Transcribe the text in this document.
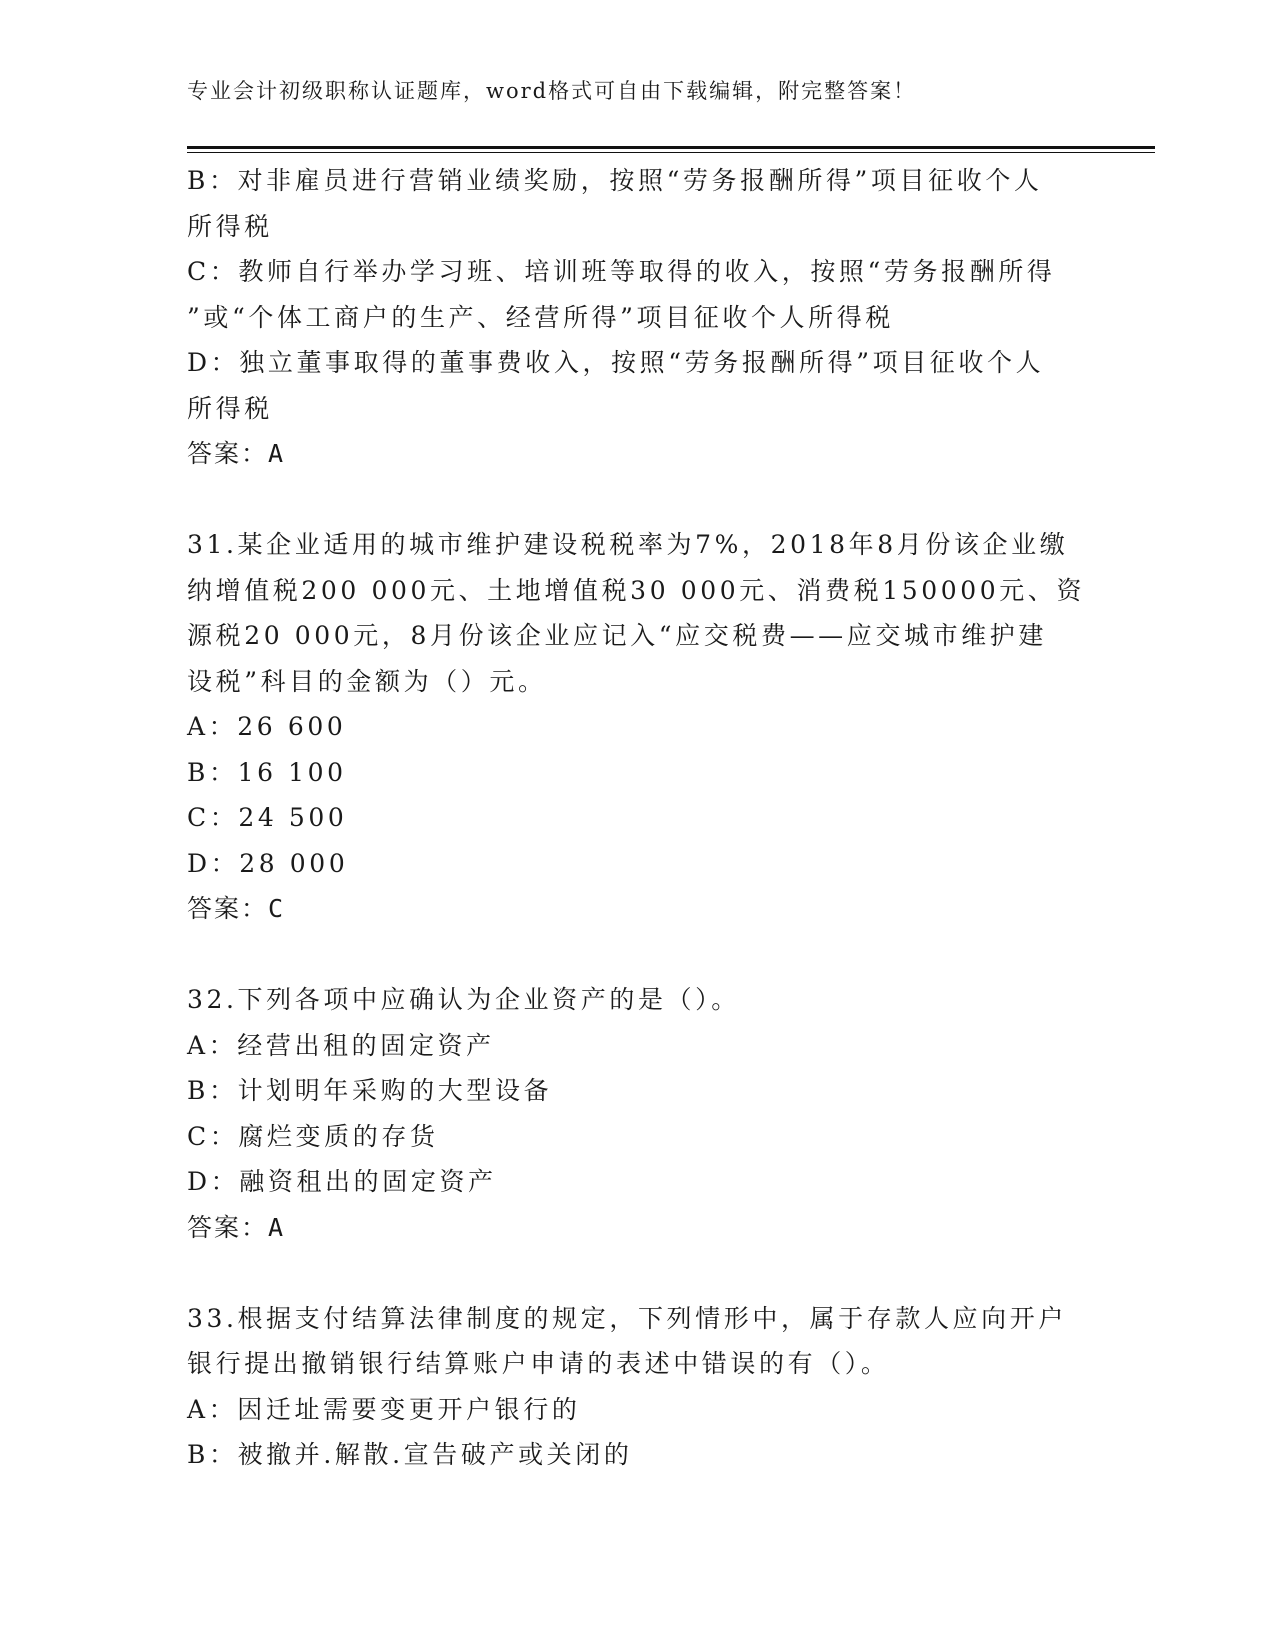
专业会计初级职称认证题库，word格式可自由下载编辑，附完整答案！
B：对非雇员进行营销业绩奖励，按照“劳务报酬所得”项目征收个人
所得税
C：教师自行举办学习班、培训班等取得的收入，按照“劳务报酬所得
”或“个体工商户的生产、经营所得”项目征收个人所得税
D：独立董事取得的董事费收入，按照“劳务报酬所得”项目征收个人
所得税
答案：A
31.某企业适用的城市维护建设税税率为7%，2018年8月份该企业缴
纳增值税200 000元、土地增值税30 000元、消费税150000元、资
源税20 000元，8月份该企业应记入“应交税费——应交城市维护建
设税”科目的金额为（）元。
A：26 600
B：16 100
C：24 500
D：28 000
答案：C
32.下列各项中应确认为企业资产的是（）。
A：经营出租的固定资产
B：计划明年采购的大型设备
C：腐烂变质的存货
D：融资租出的固定资产
答案：A
33.根据支付结算法律制度的规定，下列情形中，属于存款人应向开户
银行提出撤销银行结算账户申请的表述中错误的有（）。
A：因迁址需要变更开户银行的
B：被撤并.解散.宣告破产或关闭的
